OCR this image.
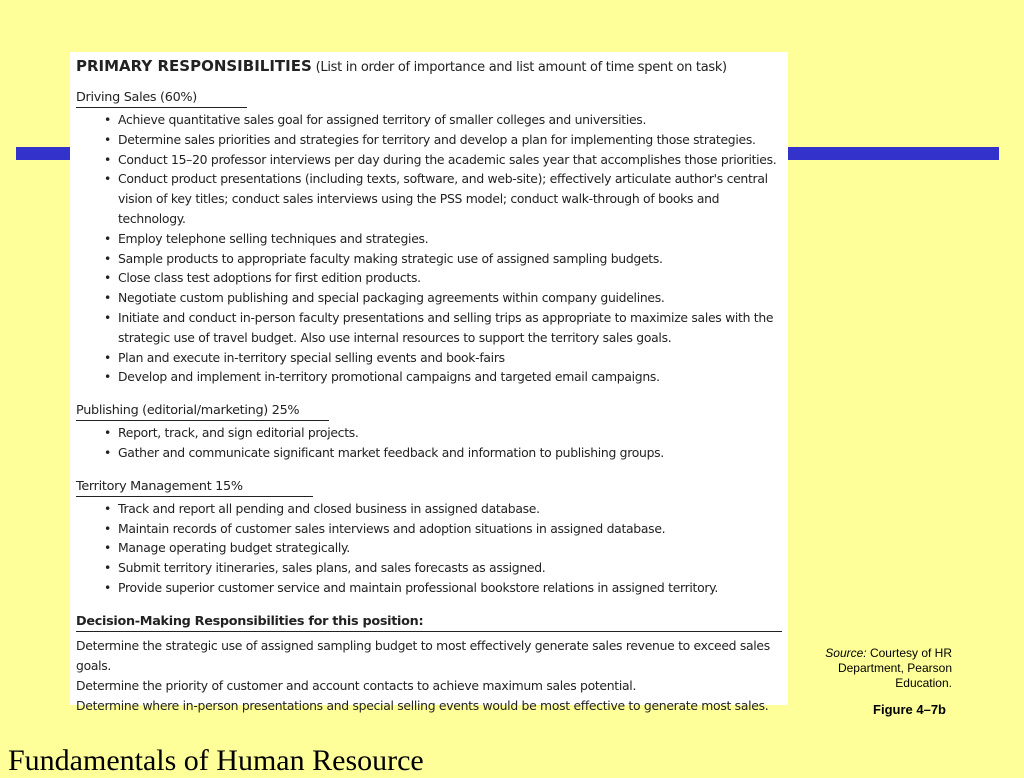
PRIMARY RESPONSIBILITIES (List in order of importance and list amount of time spent on task)
Driving Sales (60%)
• Achieve quantitative sales goal for assigned territory of smaller colleges and universities.
• Determine sales priorities and strategies for territory and develop a plan for implementing those strategies.
• Conduct 15–20 professor interviews per day during the academic sales year that accomplishes those priorities.
• Conduct product presentations (including texts, software, and web-site); effectively articulate author's central vision of key titles; conduct sales interviews using the PSS model; conduct walk-through of books and technology.
• Employ telephone selling techniques and strategies.
• Sample products to appropriate faculty making strategic use of assigned sampling budgets.
• Close class test adoptions for first edition products.
• Negotiate custom publishing and special packaging agreements within company guidelines.
• Initiate and conduct in-person faculty presentations and selling trips as appropriate to maximize sales with the strategic use of travel budget. Also use internal resources to support the territory sales goals.
• Plan and execute in-territory special selling events and book-fairs
• Develop and implement in-territory promotional campaigns and targeted email campaigns.
Publishing (editorial/marketing) 25%
• Report, track, and sign editorial projects.
• Gather and communicate significant market feedback and information to publishing groups.
Territory Management 15%
• Track and report all pending and closed business in assigned database.
• Maintain records of customer sales interviews and adoption situations in assigned database.
• Manage operating budget strategically.
• Submit territory itineraries, sales plans, and sales forecasts as assigned.
• Provide superior customer service and maintain professional bookstore relations in assigned territory.
Decision-Making Responsibilities for this position:
Determine the strategic use of assigned sampling budget to most effectively generate sales revenue to exceed sales goals.
Determine the priority of customer and account contacts to achieve maximum sales potential.
Determine where in-person presentations and special selling events would be most effective to generate most sales.
Source: Courtesy of HR Department, Pearson Education.
Figure 4–7b
Fundamentals of Human Resource
